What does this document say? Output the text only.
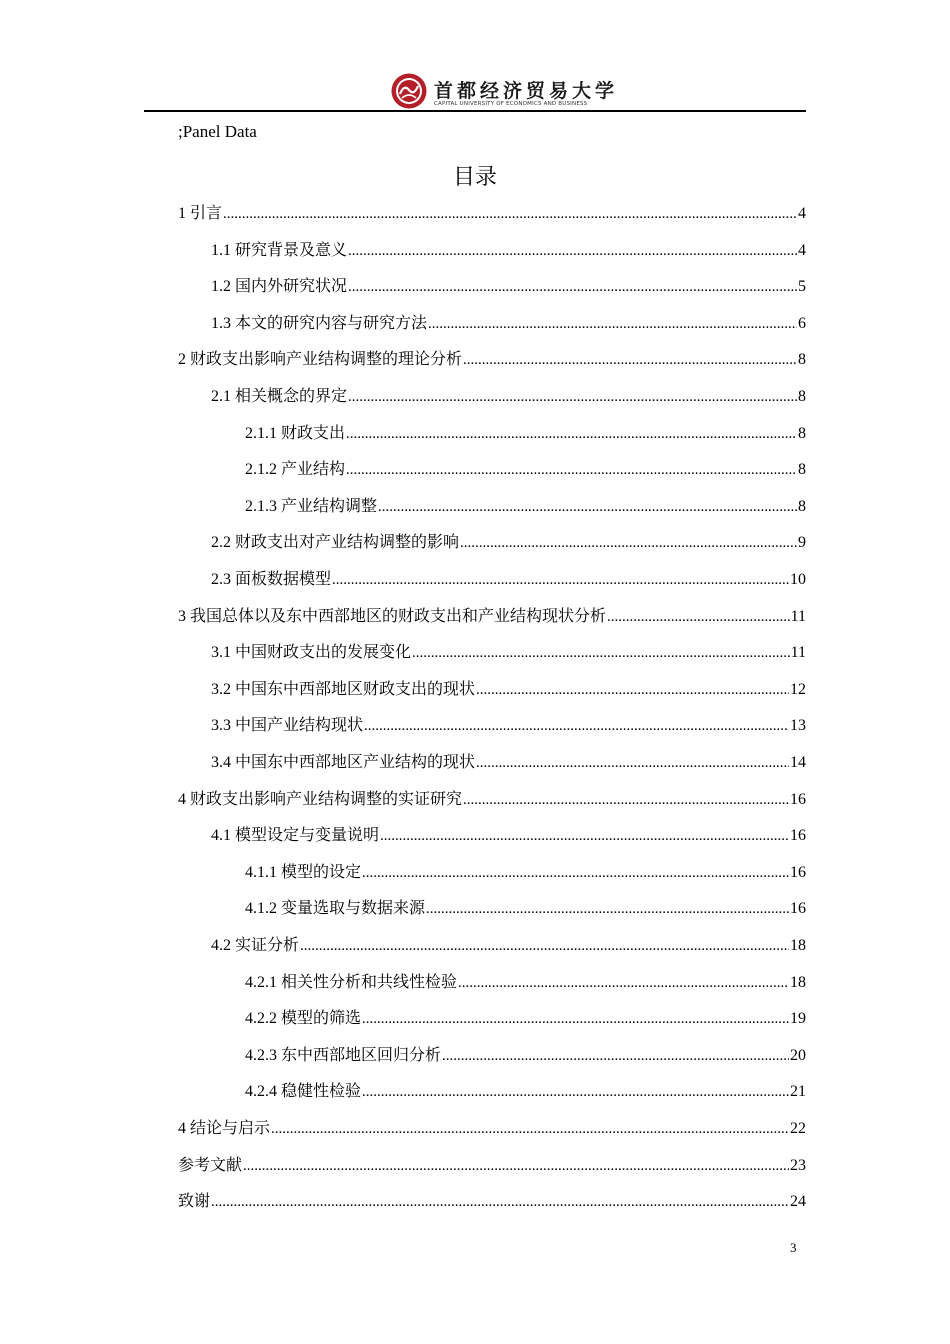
首都经济贸易大学
CAPITAL UNIVERSITY OF ECONOMICS AND BUSINESS
;Panel Data
目录
1 引言 .....	4
1.1 研究背景及意义 .....	4
1.2 国内外研究状况 .....	5
1.3 本文的研究内容与研究方法 .....	6
2 财政支出影响产业结构调整的理论分析 .....	8
2.1 相关概念的界定 .....	8
2.1.1 财政支出 .....	8
2.1.2 产业结构 .....	8
2.1.3 产业结构调整 .....	8
2.2 财政支出对产业结构调整的影响 .....	9
2.3 面板数据模型 .....	10
3 我国总体以及东中西部地区的财政支出和产业结构现状分析 .....	11
3.1 中国财政支出的发展变化 .....	11
3.2 中国东中西部地区财政支出的现状 .....	12
3.3 中国产业结构现状 .....	13
3.4 中国东中西部地区产业结构的现状 .....	14
4 财政支出影响产业结构调整的实证研究 .....	16
4.1 模型设定与变量说明 .....	16
4.1.1 模型的设定 .....	16
4.1.2 变量选取与数据来源 .....	16
4.2 实证分析 .....	18
4.2.1 相关性分析和共线性检验 .....	18
4.2.2 模型的筛选 .....	19
4.2.3 东中西部地区回归分析 .....	20
4.2.4 稳健性检验 .....	21
4 结论与启示 .....	22
参考文献 .....	23
致谢 .....	24
3
